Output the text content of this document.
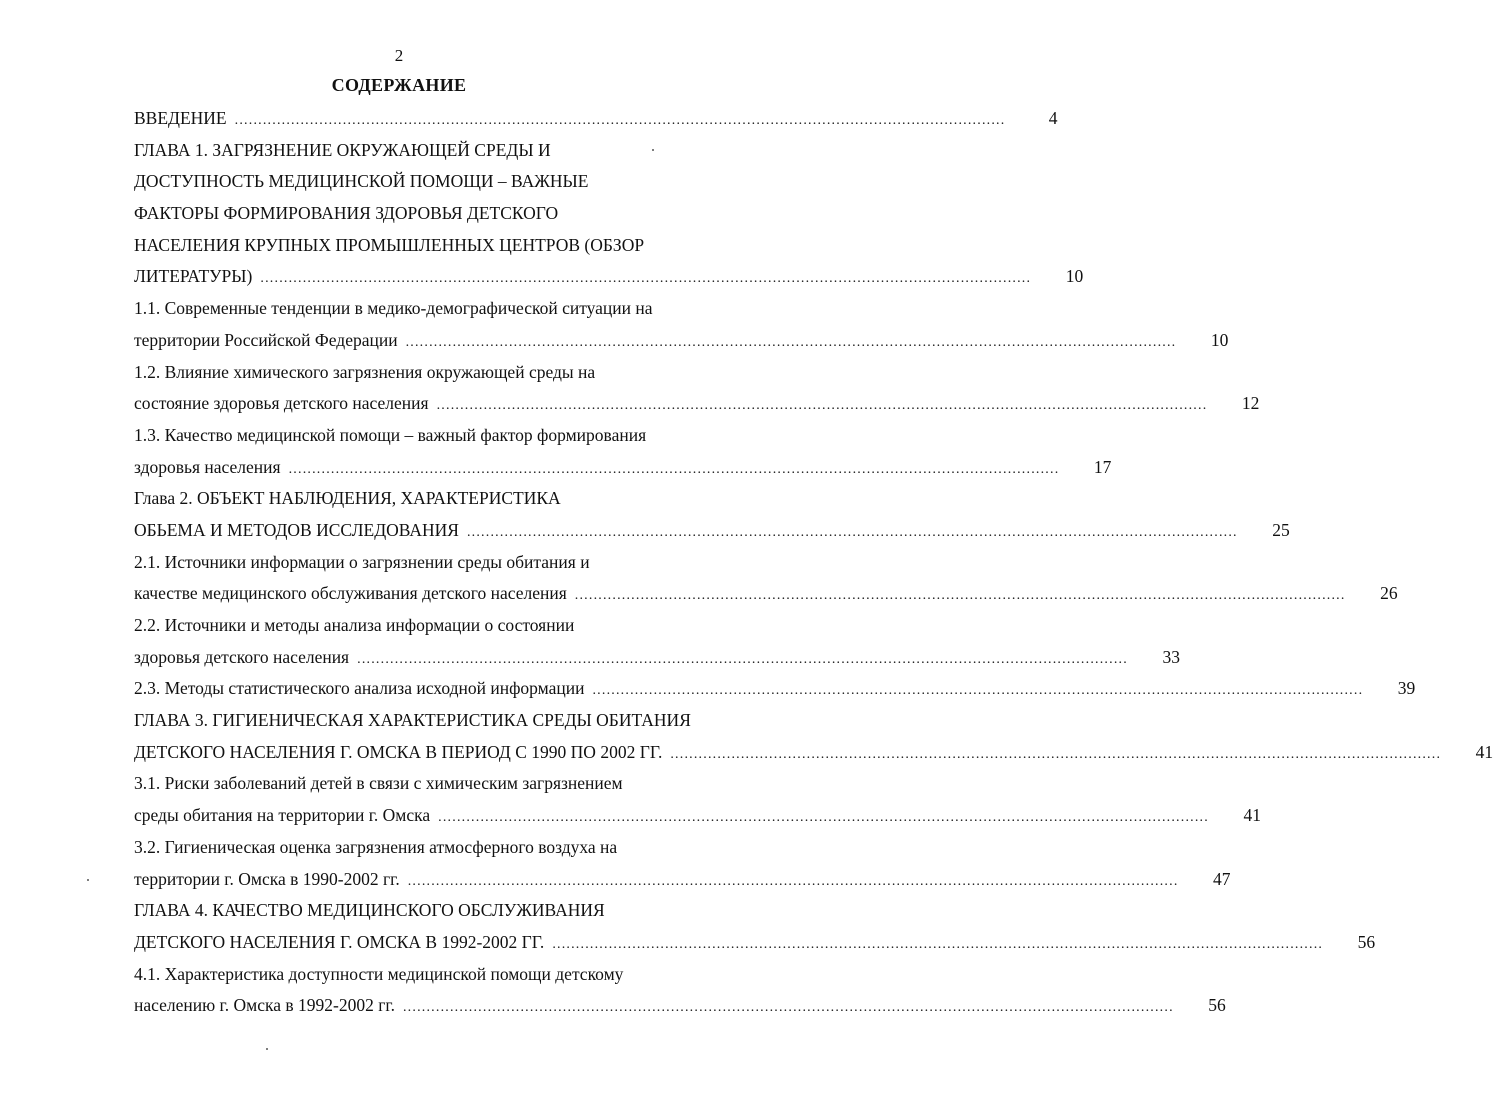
2
СОДЕРЖАНИЕ
ВВЕДЕНИЕ ....................................................................................................................................................................	4
ГЛАВА 1. ЗАГРЯЗНЕНИЕ ОКРУЖАЮЩЕЙ СРЕДЫ И
ДОСТУПНОСТЬ МЕДИЦИНСКОЙ ПОМОЩИ – ВАЖНЫЕ
ФАКТОРЫ ФОРМИРОВАНИЯ ЗДОРОВЬЯ ДЕТСКОГО
НАСЕЛЕНИЯ КРУПНЫХ ПРОМЫШЛЕННЫХ ЦЕНТРОВ (ОБЗОР
ЛИТЕРАТУРЫ) ....................................................................................................................................................................	10
1.1. Современные тенденции в медико-демографической ситуации на
территории Российской Федерации ....................................................................................................................................................................	10
1.2. Влияние химического загрязнения окружающей среды на
состояние здоровья детского населения ....................................................................................................................................................................	12
1.3. Качество медицинской помощи – важный фактор формирования
здоровья населения ....................................................................................................................................................................	17
Глава 2. ОБЪЕКТ НАБЛЮДЕНИЯ, ХАРАКТЕРИСТИКА
ОБЬЕМА И МЕТОДОВ ИССЛЕДОВАНИЯ ....................................................................................................................................................................	25
2.1. Источники информации о загрязнении среды обитания и
качестве медицинского обслуживания детского населения ....................................................................................................................................................................	26
2.2. Источники и методы анализа информации о состоянии
здоровья детского населения ....................................................................................................................................................................	33
2.3. Методы статистического анализа исходной информации ....................................................................................................................................................................	39
ГЛАВА 3. ГИГИЕНИЧЕСКАЯ ХАРАКТЕРИСТИКА СРЕДЫ ОБИТАНИЯ
ДЕТСКОГО НАСЕЛЕНИЯ Г. ОМСКА В ПЕРИОД С 1990 ПО 2002 ГГ. ....................................................................................................................................................................	41
3.1. Риски заболеваний детей в связи с химическим загрязнением
среды обитания на территории г. Омска ....................................................................................................................................................................	41
3.2. Гигиеническая оценка загрязнения атмосферного воздуха на
территории г. Омска в 1990-2002 гг. ....................................................................................................................................................................	47
ГЛАВА 4. КАЧЕСТВО МЕДИЦИНСКОГО ОБСЛУЖИВАНИЯ
ДЕТСКОГО НАСЕЛЕНИЯ Г. ОМСКА В 1992-2002 ГГ. ....................................................................................................................................................................	56
4.1. Характеристика доступности медицинской помощи детскому
населению г. Омска в 1992-2002 гг. ....................................................................................................................................................................	56
